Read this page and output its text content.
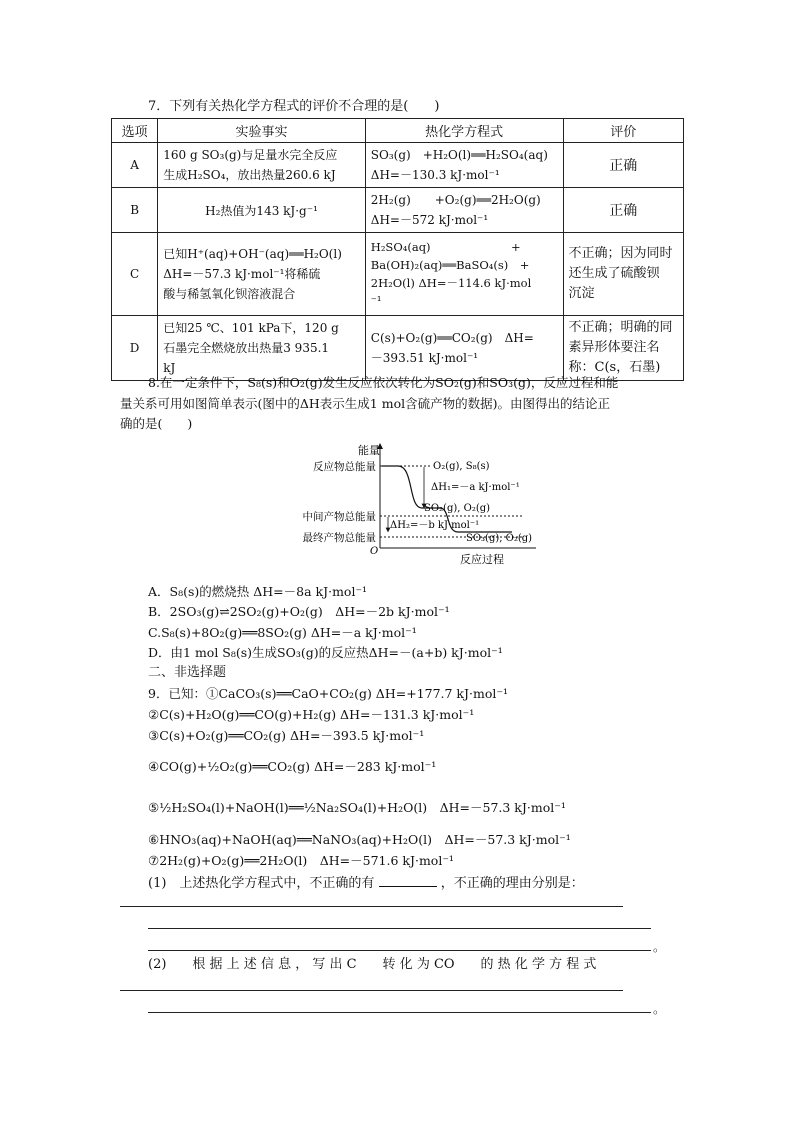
7．下列有关热化学方程式的评价不合理的是(　　)
选项	实验事实	热化学方程式	评价
A	160 g SO₃(g)与足量水完全反应
生成H₂SO₄，放出热量260.6 kJ	SO₃(g)　+H₂O(l)══H₂SO₄(aq)
ΔH=－130.3 kJ·mol⁻¹	正确
B	H₂热值为143 kJ·g⁻¹	2H₂(g)　　+O₂(g)══2H₂O(g)
ΔH=－572 kJ·mol⁻¹	正确
C	已知H⁺(aq)+OH⁻(aq)══H₂O(l)
ΔH=－57.3 kJ·mol⁻¹将稀硫
酸与稀氢氧化钡溶液混合	H₂SO₄(aq)　　　　　　　+
Ba(OH)₂(aq)══BaSO₄(s)　+
2H₂O(l) ΔH=－114.6 kJ·mol
⁻¹	不正确；因为同时
还生成了硫酸钡
沉淀
D	已知25 ℃、101 kPa下，120 g
石墨完全燃烧放出热量3 935.1
kJ	C(s)+O₂(g)══CO₂(g)　ΔH=
－393.51 kJ·mol⁻¹	不正确；明确的同
素异形体要注名
称：C(s，石墨)
8.在一定条件下，S₈(s)和O₂(g)发生反应依次转化为SO₂(g)和SO₃(g)，反应过程和能
量关系可用如图简单表示(图中的ΔH表示生成1 mol含硫产物的数据)。由图得出的结论正
确的是(　　)
能量
O
反应过程
反应物总能量
中间产物总能量
最终产物总能量
O₂(g), S₈(s)
ΔH₁=－a kJ·mol⁻¹
SO₂(g), O₂(g)
ΔH₂=－b kJ·mol⁻¹
SO₃(g), O₂(g)
A．S₈(s)的燃烧热 ΔH=－8a kJ·mol⁻¹
B．2SO₃(g)⇌2SO₂(g)+O₂(g)　ΔH=－2b kJ·mol⁻¹
C.S₈(s)+8O₂(g)══8SO₂(g) ΔH=－a kJ·mol⁻¹
D．由1 mol S₈(s)生成SO₃(g)的反应热ΔH=－(a+b) kJ·mol⁻¹
二、非选择题
9．已知：①CaCO₃(s)══CaO+CO₂(g) ΔH=+177.7 kJ·mol⁻¹
②C(s)+H₂O(g)══CO(g)+H₂(g) ΔH=－131.3 kJ·mol⁻¹
③C(s)+O₂(g)══CO₂(g) ΔH=－393.5 kJ·mol⁻¹
④CO(g)+½O₂(g)══CO₂(g) ΔH=－283 kJ·mol⁻¹
⑤½H₂SO₄(l)+NaOH(l)══½Na₂SO₄(l)+H₂O(l)　ΔH=－57.3 kJ·mol⁻¹
⑥HNO₃(aq)+NaOH(aq)══NaNO₃(aq)+H₂O(l)　ΔH=－57.3 kJ·mol⁻¹
⑦2H₂(g)+O₂(g)══2H₂O(l)　ΔH=－571.6 kJ·mol⁻¹
(1)　上述热化学方程式中，不正确的有	，不正确的理由分别是：
。
(2)　　根 据 上 述 信 息 ， 写 出 C　　转 化 为 CO　　的 热 化 学 方 程 式
。
